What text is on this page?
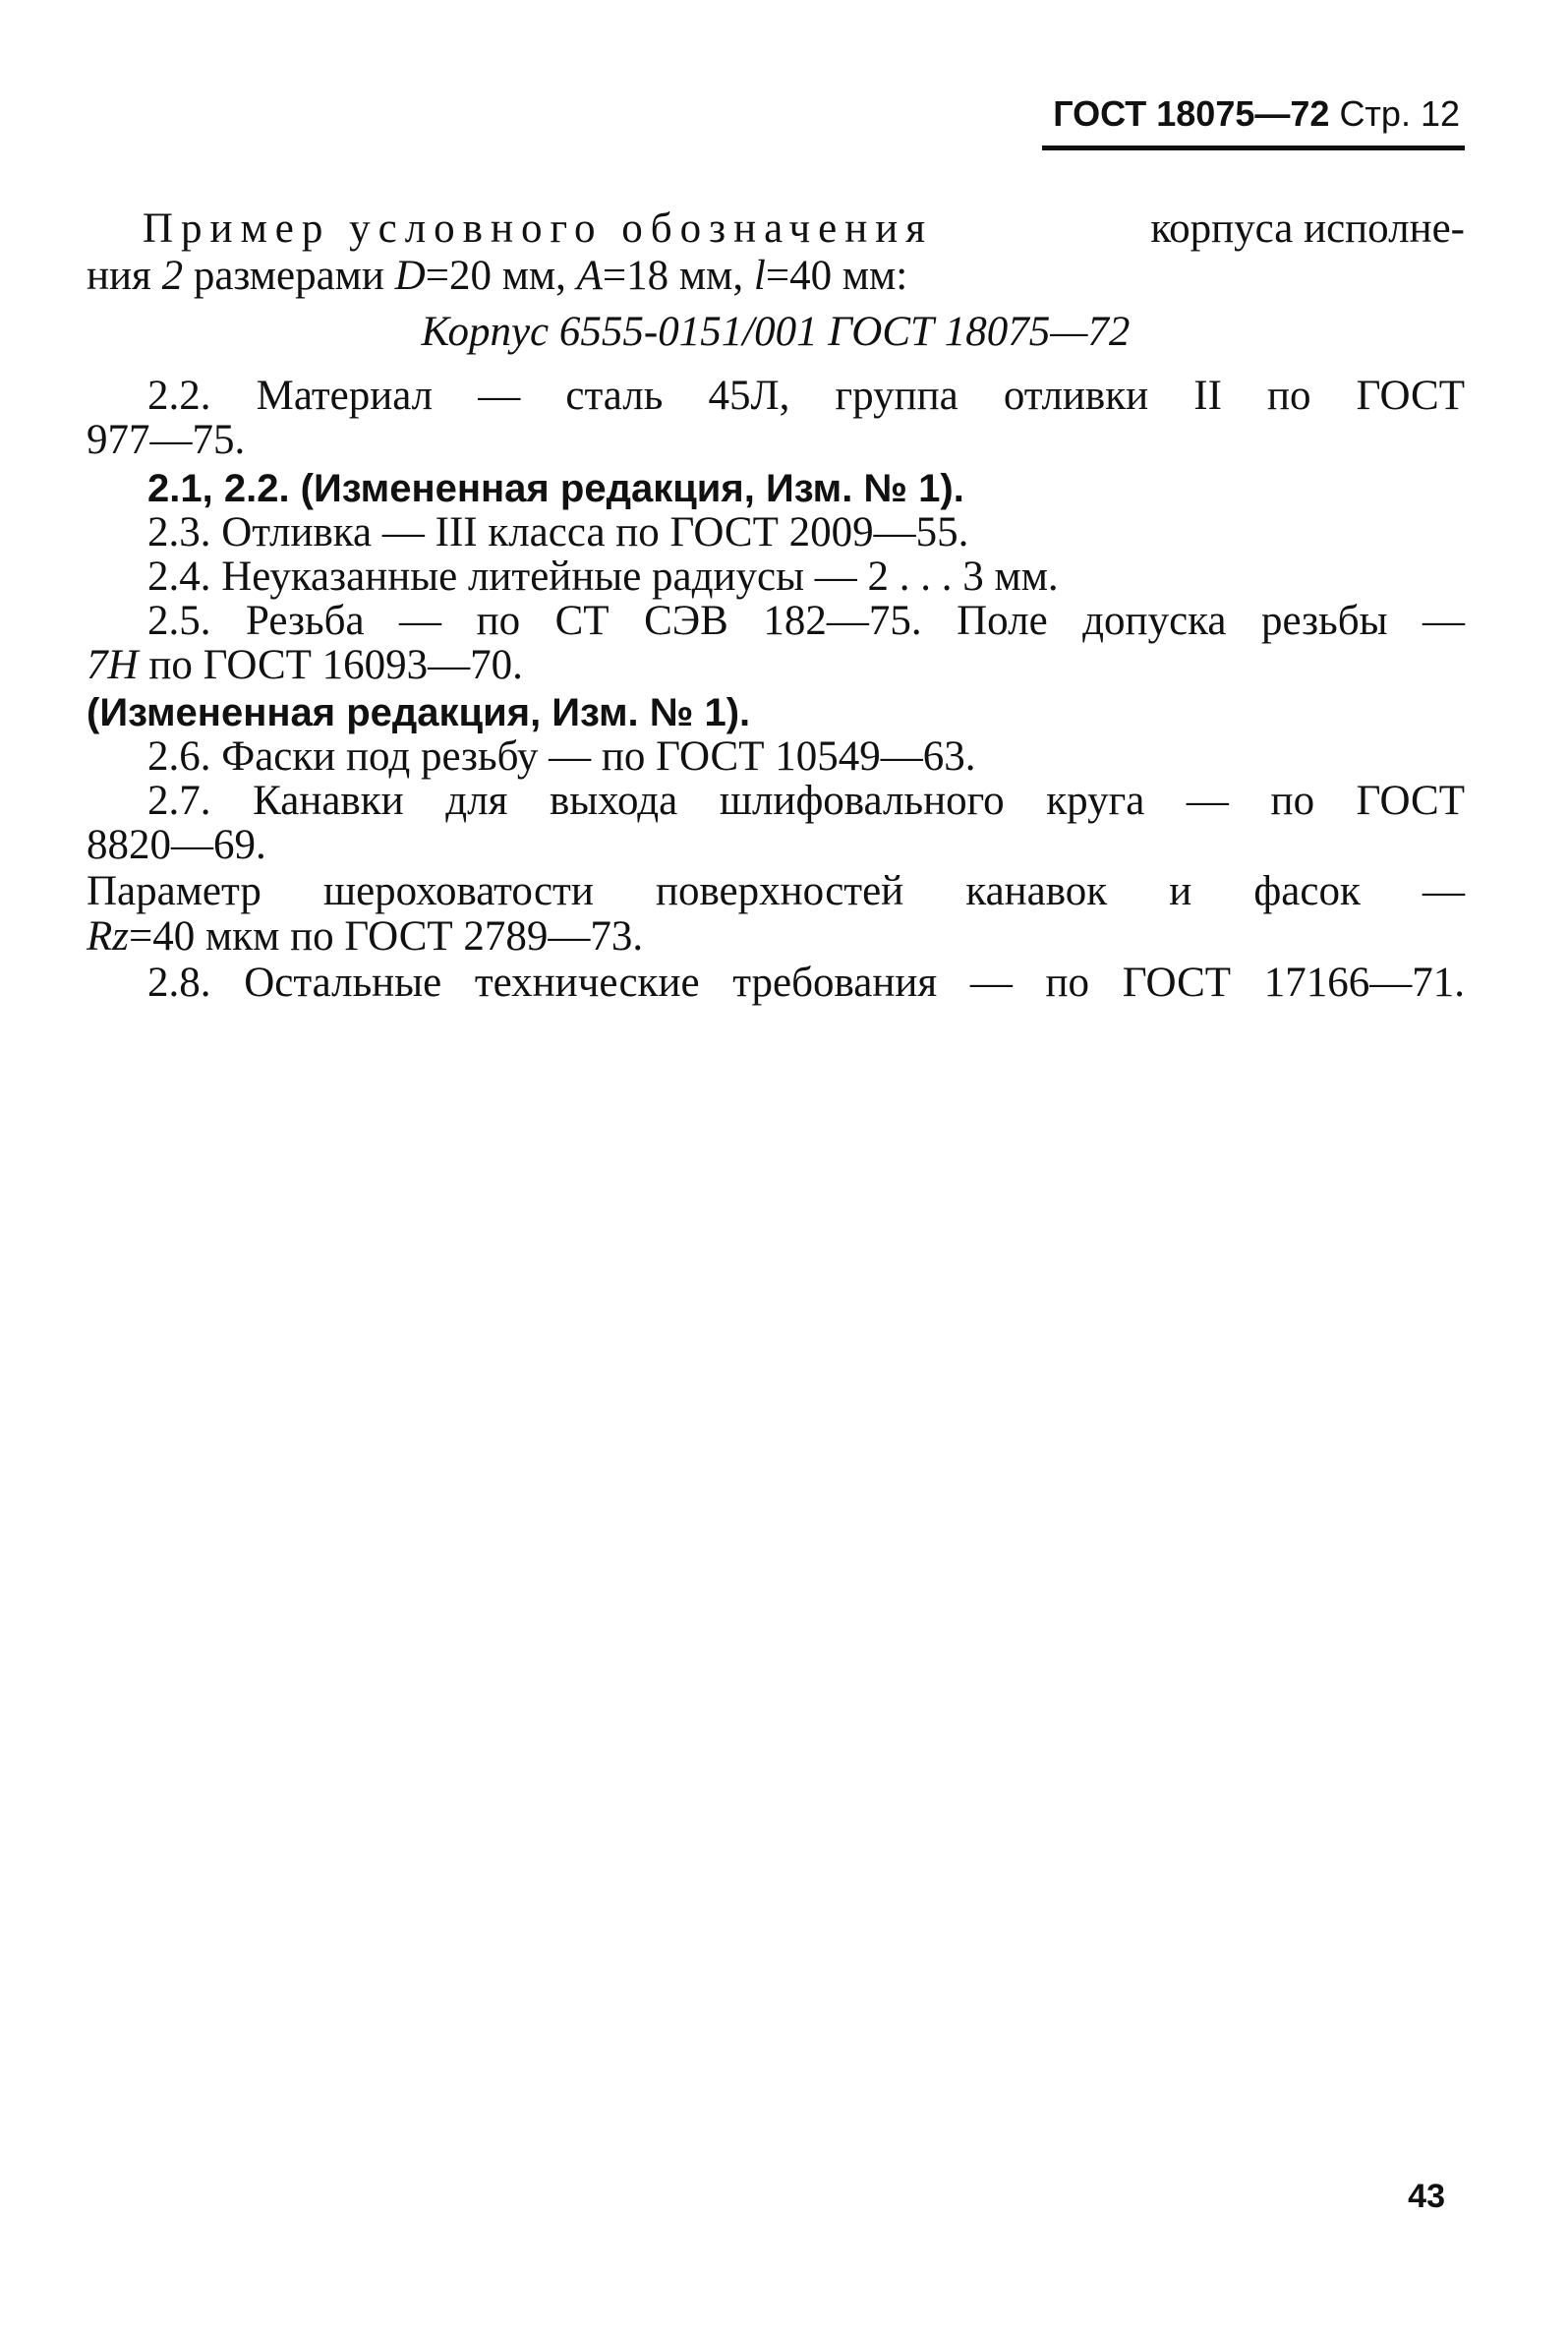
ГОСТ 18075—72 Стр. 12
Пример условного обозначения	корпуса исполне-
ния 2 размерами D=20 мм, A=18 мм, l=40 мм:
Корпус 6555-0151/001 ГОСТ 18075—72
2.2. Материал — сталь 45Л, группа отливки II по ГОСТ
977—75.
2.1, 2.2. (Измененная редакция, Изм. № 1).
2.3. Отливка — III класса по ГОСТ 2009—55.
2.4. Неуказанные литейные радиусы — 2 . . . 3 мм.
2.5. Резьба — по СТ СЭВ 182—75. Поле допуска резьбы —
7H по ГОСТ 16093—70.
(Измененная редакция, Изм. № 1).
2.6. Фаски под резьбу — по ГОСТ 10549—63.
2.7. Канавки для выхода шлифовального круга — по ГОСТ
8820—69.
Параметр шероховатости поверхностей канавок и фасок —
Rz=40 мкм по ГОСТ 2789—73.
2.8. Остальные технические требования — по ГОСТ 17166—71.
43
